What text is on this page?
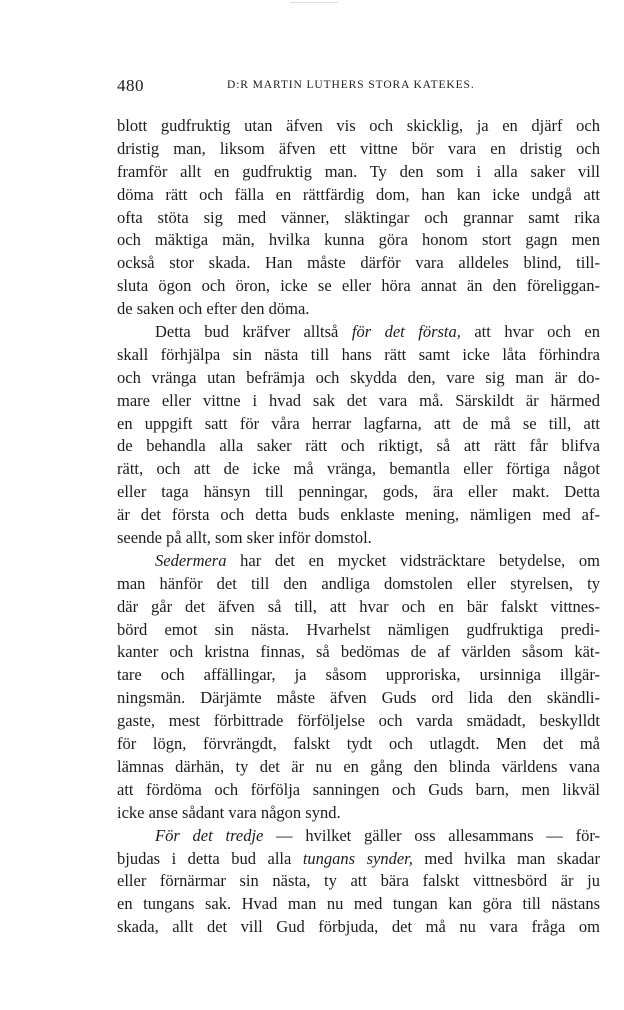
480	D:R MARTIN LUTHERS STORA KATEKES.
blott gudfruktig utan äfven vis och skicklig, ja en djärf och
dristig man, liksom äfven ett vittne bör vara en dristig och
framför allt en gudfruktig man. Ty den som i alla saker vill
döma rätt och fälla en rättfärdig dom, han kan icke undgå att
ofta stöta sig med vänner, släktingar och grannar samt rika
och mäktiga män, hvilka kunna göra honom stort gagn men
också stor skada. Han måste därför vara alldeles blind, till-
sluta ögon och öron, icke se eller höra annat än den föreliggan-
de saken och efter den döma.
Detta bud kräfver alltså för det första, att hvar och en
skall förhjälpa sin nästa till hans rätt samt icke låta förhindra
och vränga utan befrämja och skydda den, vare sig man är do-
mare eller vittne i hvad sak det vara må. Särskildt är härmed
en uppgift satt för våra herrar lagfarna, att de må se till, att
de behandla alla saker rätt och riktigt, så att rätt får blifva
rätt, och att de icke må vränga, bemantla eller förtiga något
eller taga hänsyn till penningar, gods, ära eller makt. Detta
är det första och detta buds enklaste mening, nämligen med af-
seende på allt, som sker inför domstol.
Sedermera har det en mycket vidsträcktare betydelse, om
man hänför det till den andliga domstolen eller styrelsen, ty
där går det äfven så till, att hvar och en bär falskt vittnes-
börd emot sin nästa. Hvarhelst nämligen gudfruktiga predi-
kanter och kristna finnas, så bedömas de af världen såsom kät-
tare och affällingar, ja såsom upproriska, ursinniga illgär-
ningsmän. Därjämte måste äfven Guds ord lida den skändli-
gaste, mest förbittrade förföljelse och varda smädadt, beskylldt
för lögn, förvrängdt, falskt tydt och utlagdt. Men det må
lämnas därhän, ty det är nu en gång den blinda världens vana
att fördöma och förfölja sanningen och Guds barn, men likväl
icke anse sådant vara någon synd.
För det tredje — hvilket gäller oss allesammans — för-
bjudas i detta bud alla tungans synder, med hvilka man skadar
eller förnärmar sin nästa, ty att bära falskt vittnesbörd är ju
en tungans sak. Hvad man nu med tungan kan göra till nästans
skada, allt det vill Gud förbjuda, det må nu vara fråga om
